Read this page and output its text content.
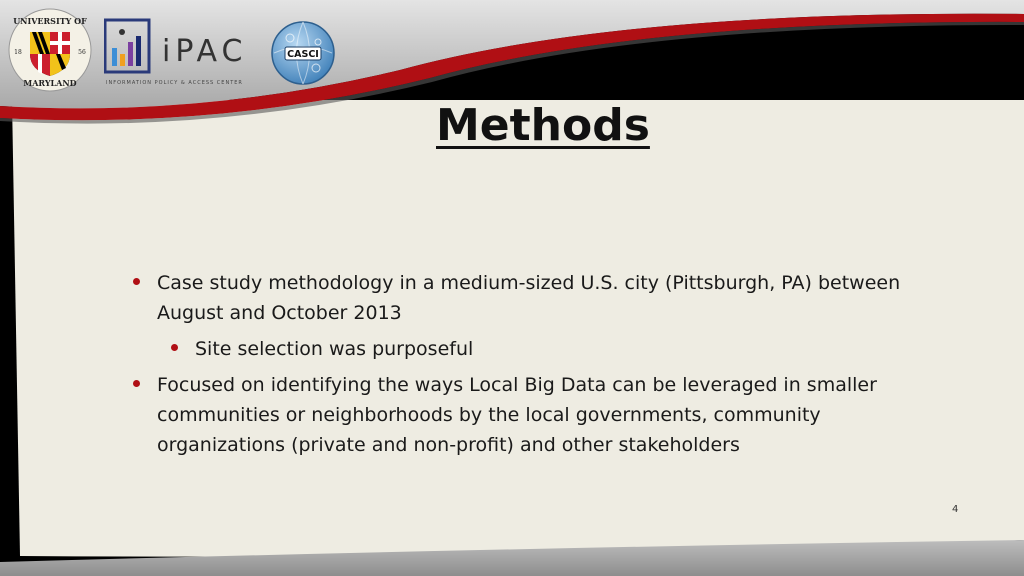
UNIVERSITY OF
MARYLAND
18	56	iPAC
INFORMATION POLICY & ACCESS CENTER
CASCI
Methods
Case study methodology in a medium-sized U.S. city (Pittsburgh, PA) between August and October 2013
Site selection was purposeful
Focused on identifying the ways Local Big Data can be leveraged in smaller communities or neighborhoods by the local governments, community organizations (private and non-profit) and other stakeholders
4
